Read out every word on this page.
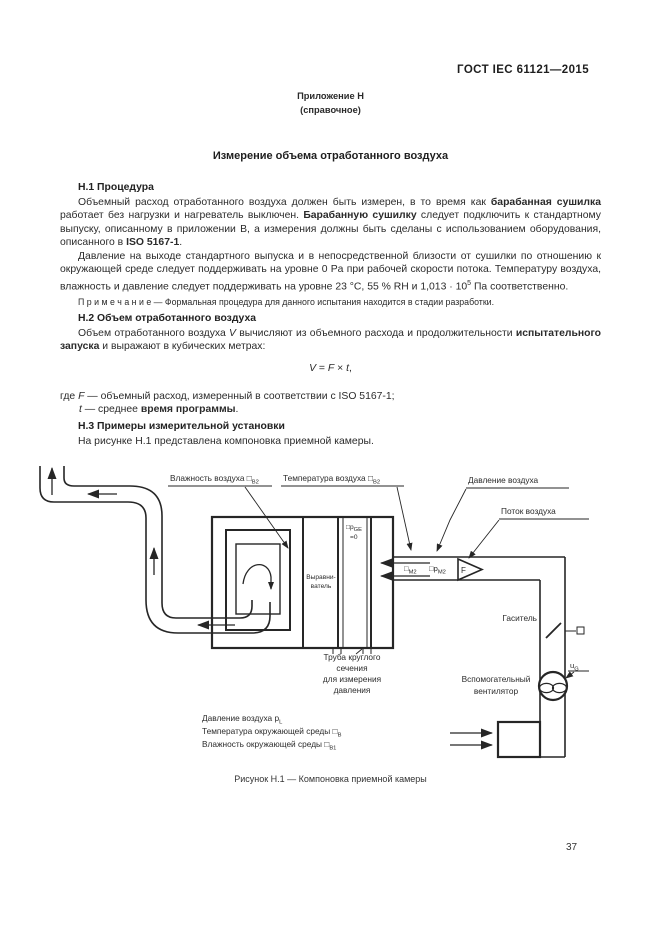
ГОСТ IEC 61121—2015
Приложение Н
(справочное)
Измерение объема отработанного воздуха
Н.1 Процедура
Объемный расход отработанного воздуха должен быть измерен, в то время как барабанная сушилка работает без нагрузки и нагреватель выключен. Барабанную сушилку следует подключить к стандартному выпуску, описанному в приложении В, а измерения должны быть сделаны с использованием оборудования, описанного в ISO 5167-1.
Давление на выходе стандартного выпуска и в непосредственной близости от сушилки по отношению к окружающей среде следует поддерживать на уровне 0 Pa при рабочей скорости потока. Температуру воздуха, влажность и давление следует поддерживать на уровне 23 °С, 55 % RH и $1,013 \cdot 10^5$ Па соответственно.
П р и м е ч а н и е — Формальная процедура для данного испытания находится в стадии разработки.
Н.2 Объем отработанного воздуха
Объем отработанного воздуха V вычисляют из объемного расхода и продолжительности испытательного запуска и выражают в кубических метрах:
V = F × t,
где F — объемный расход, измеренный в соответствии с ISO 5167-1;
t — среднее время программы.
Н.3 Примеры измерительной установки
На рисунке Н.1 представлена компоновка приемной камеры.
Выравни-
ватель
□pGE
=0
$□_{М2}$ $□p_{М2}$ F
$u_G$
Влажность воздуха $□_{В2}$	Температура воздуха $□_{В2}$	Давление воздуха
Поток воздуха
Гаситель
Вспомогательный
вентилятор
Труба круглого
сечения
для измерения
давления
Давление воздуха $p_L$
Температура окружающей среды $□_В$
Влажность окружающей среды $□_{В1}$
Рисунок Н.1 — Компоновка приемной камеры
37
